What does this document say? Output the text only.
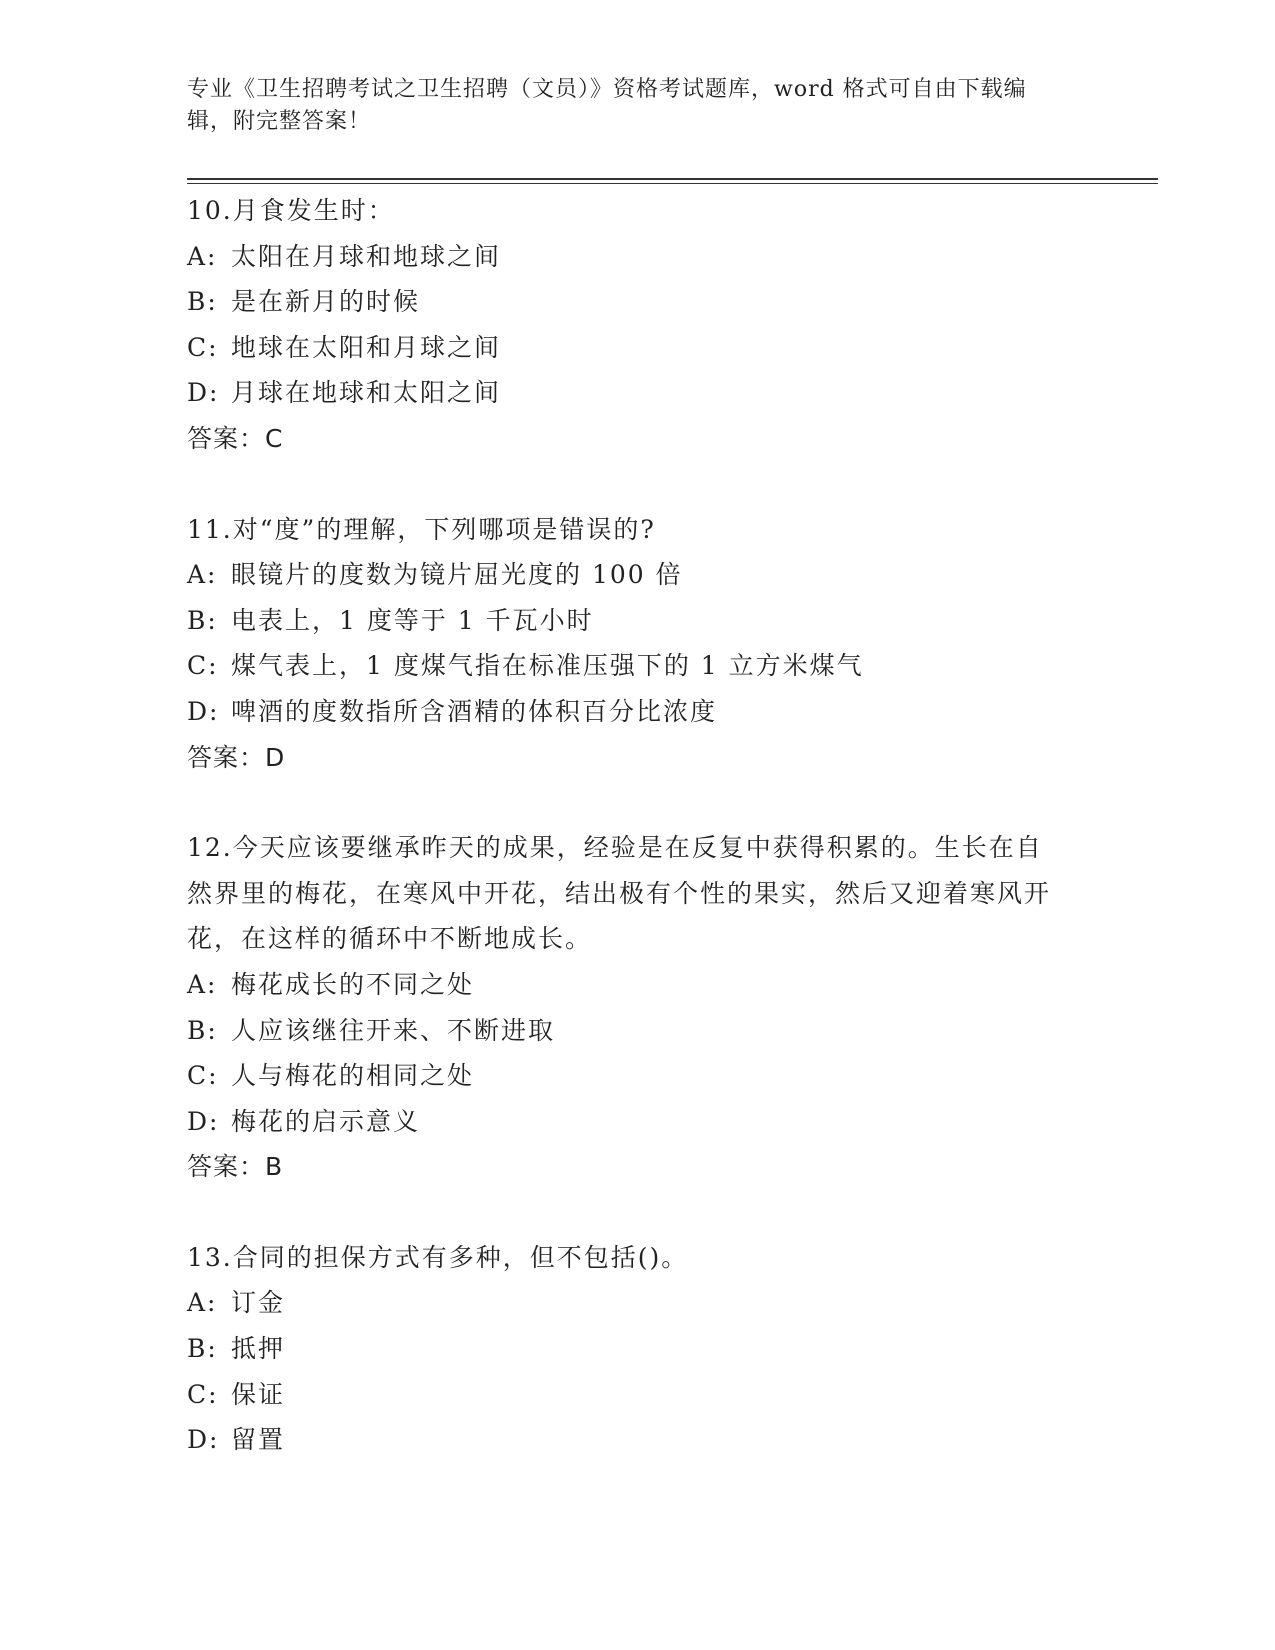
专业《卫生招聘考试之卫生招聘（文员）》资格考试题库，word 格式可自由下载编辑，附完整答案！
10.月食发生时：
A: 太阳在月球和地球之间
B: 是在新月的时候
C: 地球在太阳和月球之间
D: 月球在地球和太阳之间
答案：C
11.对“度”的理解，下列哪项是错误的?
A: 眼镜片的度数为镜片屈光度的 100 倍
B: 电表上，1 度等于 1 千瓦小时
C: 煤气表上，1 度煤气指在标准压强下的 1 立方米煤气
D: 啤酒的度数指所含酒精的体积百分比浓度
答案：D
12.今天应该要继承昨天的成果，经验是在反复中获得积累的。生长在自然界里的梅花，在寒风中开花，结出极有个性的果实，然后又迎着寒风开花，在这样的循环中不断地成长。
A: 梅花成长的不同之处
B: 人应该继往开来、不断进取
C: 人与梅花的相同之处
D: 梅花的启示意义
答案：B
13.合同的担保方式有多种，但不包括()。
A: 订金
B: 抵押
C: 保证
D: 留置
